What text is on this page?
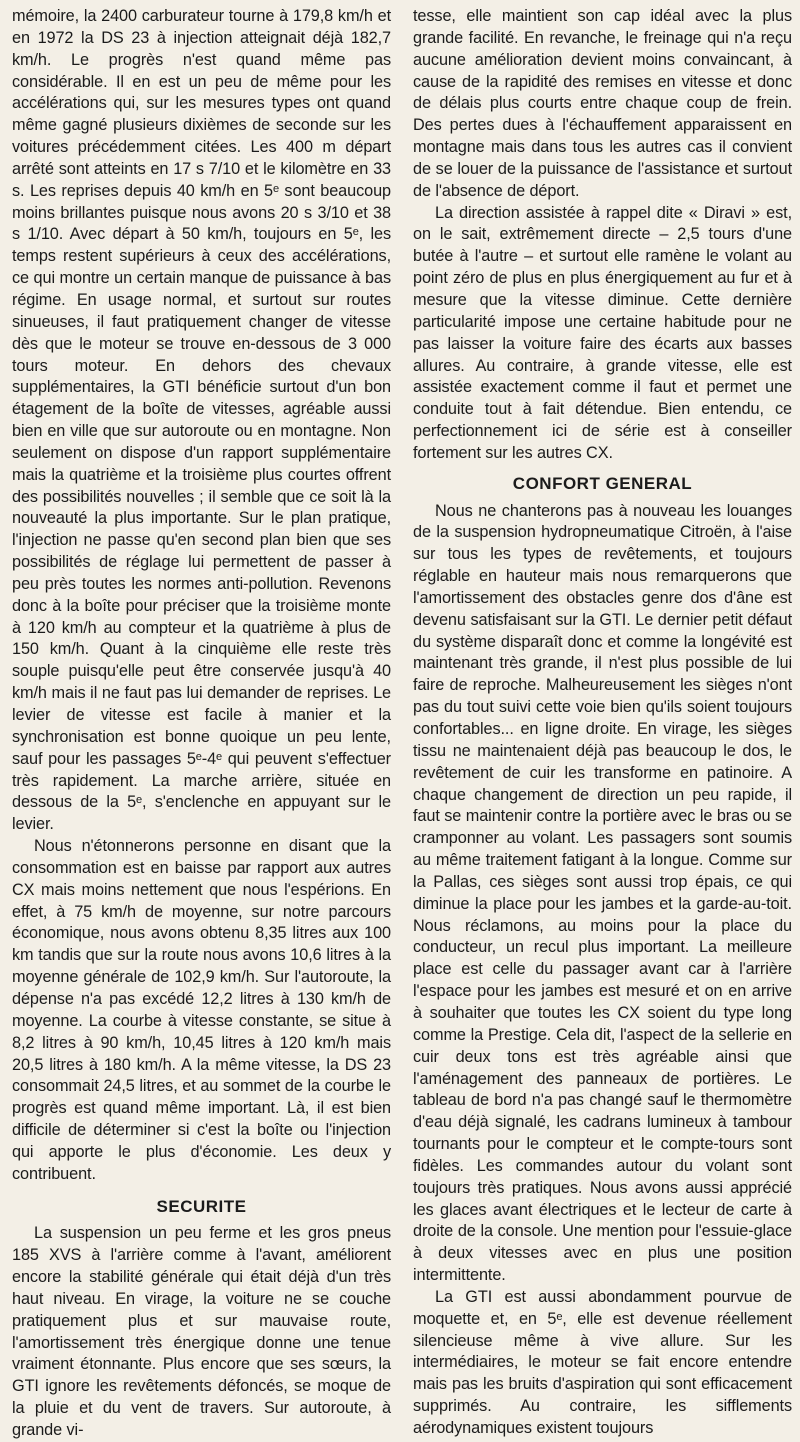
mémoire, la 2400 carburateur tourne à 179,8 km/h et en 1972 la DS 23 à injection atteignait déjà 182,7 km/h. Le progrès n'est quand même pas considérable. Il en est un peu de même pour les accélérations qui, sur les mesures types ont quand même gagné plusieurs dixièmes de seconde sur les voitures précédemment citées. Les 400 m départ arrêté sont atteints en 17 s 7/10 et le kilomètre en 33 s. Les reprises depuis 40 km/h en 5ᵉ sont beaucoup moins brillantes puisque nous avons 20 s 3/10 et 38 s 1/10. Avec départ à 50 km/h, toujours en 5ᵉ, les temps restent supérieurs à ceux des accélérations, ce qui montre un certain manque de puissance à bas régime. En usage normal, et surtout sur routes sinueuses, il faut pratiquement changer de vitesse dès que le moteur se trouve en-dessous de 3 000 tours moteur. En dehors des chevaux supplémentaires, la GTI bénéficie surtout d'un bon étagement de la boîte de vitesses, agréable aussi bien en ville que sur autoroute ou en montagne. Non seulement on dispose d'un rapport supplémentaire mais la quatrième et la troisième plus courtes offrent des possibilités nouvelles ; il semble que ce soit là la nouveauté la plus importante. Sur le plan pratique, l'injection ne passe qu'en second plan bien que ses possibilités de réglage lui permettent de passer à peu près toutes les normes anti-pollution. Revenons donc à la boîte pour préciser que la troisième monte à 120 km/h au compteur et la quatrième à plus de 150 km/h. Quant à la cinquième elle reste très souple puisqu'elle peut être conservée jusqu'à 40 km/h mais il ne faut pas lui demander de reprises. Le levier de vitesse est facile à manier et la synchronisation est bonne quoique un peu lente, sauf pour les passages 5ᵉ-4ᵉ qui peuvent s'effectuer très rapidement. La marche arrière, située en dessous de la 5ᵉ, s'enclenche en appuyant sur le levier.

Nous n'étonnerons personne en disant que la consommation est en baisse par rapport aux autres CX mais moins nettement que nous l'espérions. En effet, à 75 km/h de moyenne, sur notre parcours économique, nous avons obtenu 8,35 litres aux 100 km tandis que sur la route nous avons 10,6 litres à la moyenne générale de 102,9 km/h. Sur l'autoroute, la dépense n'a pas excédé 12,2 litres à 130 km/h de moyenne. La courbe à vitesse constante, se situe à 8,2 litres à 90 km/h, 10,45 litres à 120 km/h mais 20,5 litres à 180 km/h. A la même vitesse, la DS 23 consommait 24,5 litres, et au sommet de la courbe le progrès est quand même important. Là, il est bien difficile de déterminer si c'est la boîte ou l'injection qui apporte le plus d'économie. Les deux y contribuent.

SECURITE

La suspension un peu ferme et les gros pneus 185 XVS à l'arrière comme à l'avant, améliorent encore la stabilité générale qui était déjà d'un très haut niveau. En virage, la voiture ne se couche pratiquement plus et sur mauvaise route, l'amortissement très énergique donne une tenue vraiment étonnante. Plus encore que ses sœurs, la GTI ignore les revêtements défoncés, se moque de la pluie et du vent de travers. Sur autoroute, à grande vi-

tesse, elle maintient son cap idéal avec la plus grande facilité. En revanche, le freinage qui n'a reçu aucune amélioration devient moins convaincant, à cause de la rapidité des remises en vitesse et donc de délais plus courts entre chaque coup de frein. Des pertes dues à l'échauffement apparaissent en montagne mais dans tous les autres cas il convient de se louer de la puissance de l'assistance et surtout de l'absence de déport.

La direction assistée à rappel dite « Diravi » est, on le sait, extrêmement directe – 2,5 tours d'une butée à l'autre – et surtout elle ramène le volant au point zéro de plus en plus énergiquement au fur et à mesure que la vitesse diminue. Cette dernière particularité impose une certaine habitude pour ne pas laisser la voiture faire des écarts aux basses allures. Au contraire, à grande vitesse, elle est assistée exactement comme il faut et permet une conduite tout à fait détendue. Bien entendu, ce perfectionnement ici de série est à conseiller fortement sur les autres CX.

CONFORT GENERAL

Nous ne chanterons pas à nouveau les louanges de la suspension hydropneumatique Citroën, à l'aise sur tous les types de revêtements, et toujours réglable en hauteur mais nous remarquerons que l'amortissement des obstacles genre dos d'âne est devenu satisfaisant sur la GTI. Le dernier petit défaut du système disparaît donc et comme la longévité est maintenant très grande, il n'est plus possible de lui faire de reproche. Malheureusement les sièges n'ont pas du tout suivi cette voie bien qu'ils soient toujours confortables... en ligne droite. En virage, les sièges tissu ne maintenaient déjà pas beaucoup le dos, le revêtement de cuir les transforme en patinoire. A chaque changement de direction un peu rapide, il faut se maintenir contre la portière avec le bras ou se cramponner au volant. Les passagers sont soumis au même traitement fatigant à la longue. Comme sur la Pallas, ces sièges sont aussi trop épais, ce qui diminue la place pour les jambes et la garde-au-toit. Nous réclamons, au moins pour la place du conducteur, un recul plus important. La meilleure place est celle du passager avant car à l'arrière l'espace pour les jambes est mesuré et on en arrive à souhaiter que toutes les CX soient du type long comme la Prestige. Cela dit, l'aspect de la sellerie en cuir deux tons est très agréable ainsi que l'aménagement des panneaux de portières. Le tableau de bord n'a pas changé sauf le thermomètre d'eau déjà signalé, les cadrans lumineux à tambour tournants pour le compteur et le compte-tours sont fidèles. Les commandes autour du volant sont toujours très pratiques. Nous avons aussi apprécié les glaces avant électriques et le lecteur de carte à droite de la console. Une mention pour l'essuie-glace à deux vitesses avec en plus une position intermittente.

La GTI est aussi abondamment pourvue de moquette et, en 5ᵉ, elle est devenue réellement silencieuse même à vive allure. Sur les intermédiaires, le moteur se fait encore entendre mais pas les bruits d'aspiration qui sont efficacement supprimés. Au contraire, les sifflements aérodynamiques existent toujours
